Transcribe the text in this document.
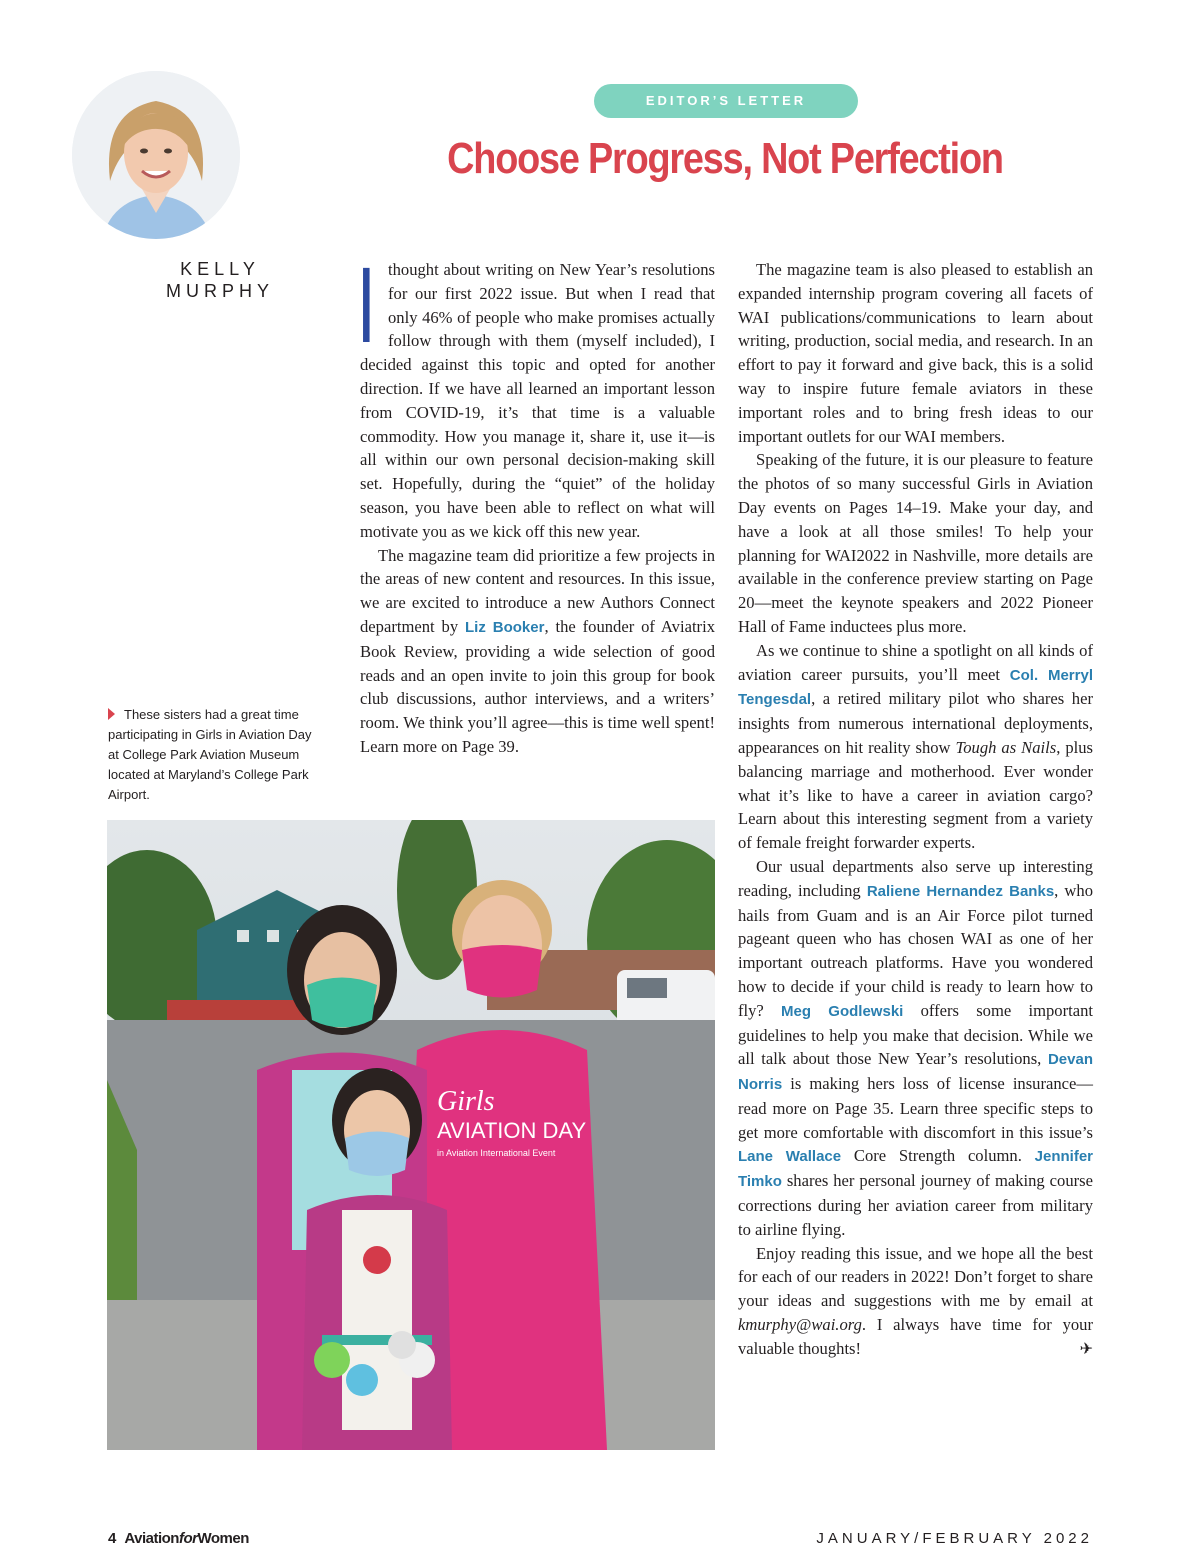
KELLY
MURPHY
EDITOR’S LETTER
Choose Progress, Not Perfection

I thought about writing on New Year’s resolutions for our first 2022 issue. But when I read that only 46% of people who make promises actually follow through with them (myself included), I decided against this topic and opted for another direction. If we have all learned an important lesson from COVID-19, it’s that time is a valuable commodity. How you manage it, share it, use it—is all within our own personal decision-making skill set. Hopefully, during the “quiet” of the holiday season, you have been able to reflect on what will motivate you as we kick off this new year.

The magazine team did prioritize a few projects in the areas of new content and resources. In this issue, we are excited to introduce a new Authors Connect department by Liz Booker, the founder of Aviatrix Book Review, providing a wide selection of good reads and an open invite to join this group for book club discussions, author interviews, and a writers’ room. We think you’ll agree—this is time well spent! Learn more on Page 39.

The magazine team is also pleased to establish an expanded internship program covering all facets of WAI publications/communications to learn about writing, production, social media, and research. In an effort to pay it forward and give back, this is a solid way to inspire future female aviators in these important roles and to bring fresh ideas to our important outlets for our WAI members.

Speaking of the future, it is our pleasure to feature the photos of so many successful Girls in Aviation Day events on Pages 14–19. Make your day, and have a look at all those smiles! To help your planning for WAI2022 in Nashville, more details are available in the conference preview starting on Page 20—meet the keynote speakers and 2022 Pioneer Hall of Fame inductees plus more.

As we continue to shine a spotlight on all kinds of aviation career pursuits, you’ll meet Col. Merryl Tengesdal, a retired military pilot who shares her insights from numerous international deployments, appearances on hit reality show Tough as Nails, plus balancing marriage and motherhood. Ever wonder what it’s like to have a career in aviation cargo? Learn about this interesting segment from a variety of female freight forwarder experts.

Our usual departments also serve up interesting reading, including Raliene Hernandez Banks, who hails from Guam and is an Air Force pilot turned pageant queen who has chosen WAI as one of her important outreach platforms. Have you wondered how to decide if your child is ready to learn how to fly? Meg Godlewski offers some important guidelines to help you make that decision. While we all talk about those New Year’s resolutions, Devan Norris is making hers loss of license insurance—read more on Page 35. Learn three specific steps to get more comfortable with discomfort in this issue’s Lane Wallace Core Strength column. Jennifer Timko shares her personal journey of making course corrections during her aviation career from military to airline flying.

Enjoy reading this issue, and we hope all the best for each of our readers in 2022! Don’t forget to share your ideas and suggestions with me by email at kmurphy@wai.org. I always have time for your valuable thoughts!	✈

These sisters had a great time participating in Girls in Aviation Day at College Park Aviation Museum located at Maryland’s College Park Airport.
Girls
AVIATION DAY
in Aviation International Event
4 AviationforWomen	JANUARY/FEBRUARY 2022
